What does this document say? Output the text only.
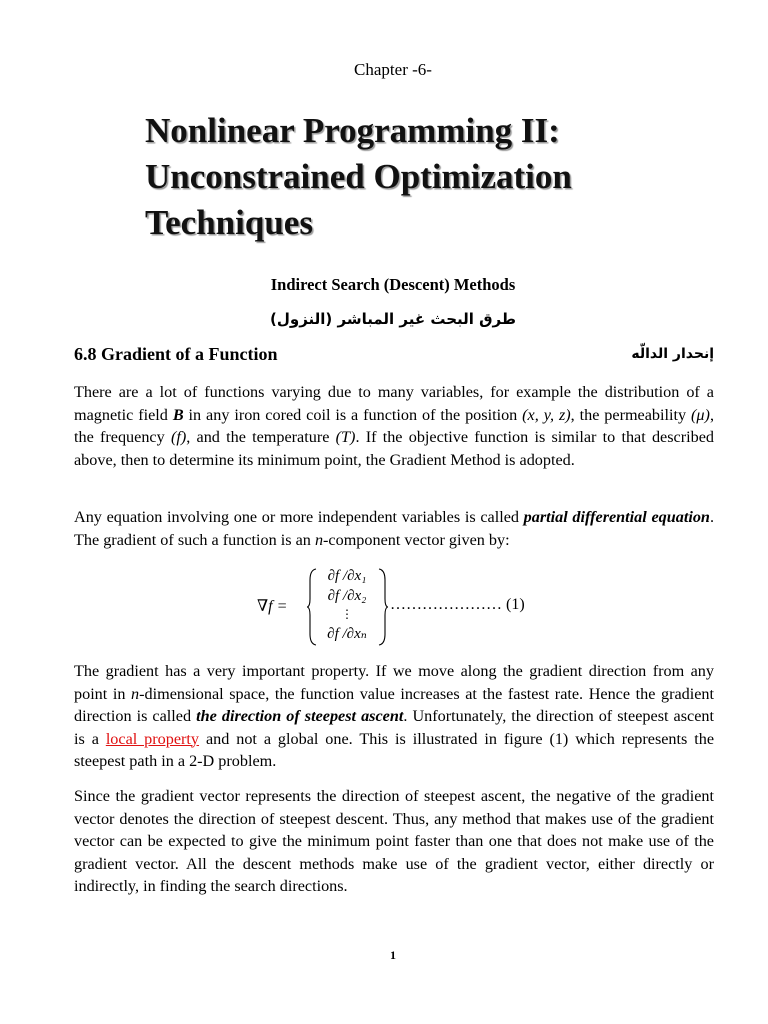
Chapter -6-
Nonlinear Programming II:
Unconstrained Optimization
Techniques
Indirect Search (Descent) Methods
طرق البحث غير المباشر (النزول)
6.8 Gradient of a Function	إنحدار الدالّه

There are a lot of functions varying due to many variables, for example the distribution of a magnetic field B in any iron cored coil is a function of the position (x, y, z), the permeability (μ), the frequency (f), and the temperature (T). If the objective function is similar to that described above, then to determine its minimum point, the Gradient Method is adopted.

Any equation involving one or more independent variables is called partial differential equation. The gradient of such a function is an n-component vector given by:

∇f =
∂f /∂x₁
∂f /∂x₂
⋮
∂f /∂xₙ
………………… (1)

The gradient has a very important property. If we move along the gradient direction from any point in n-dimensional space, the function value increases at the fastest rate. Hence the gradient direction is called the direction of steepest ascent. Unfortunately, the direction of steepest ascent is a local property and not a global one. This is illustrated in figure (1) which represents the steepest path in a 2-D problem.

Since the gradient vector represents the direction of steepest ascent, the negative of the gradient vector denotes the direction of steepest descent. Thus, any method that makes use of the gradient vector can be expected to give the minimum point faster than one that does not make use of the gradient vector. All the descent methods make use of the gradient vector, either directly or indirectly, in finding the search directions.

1
